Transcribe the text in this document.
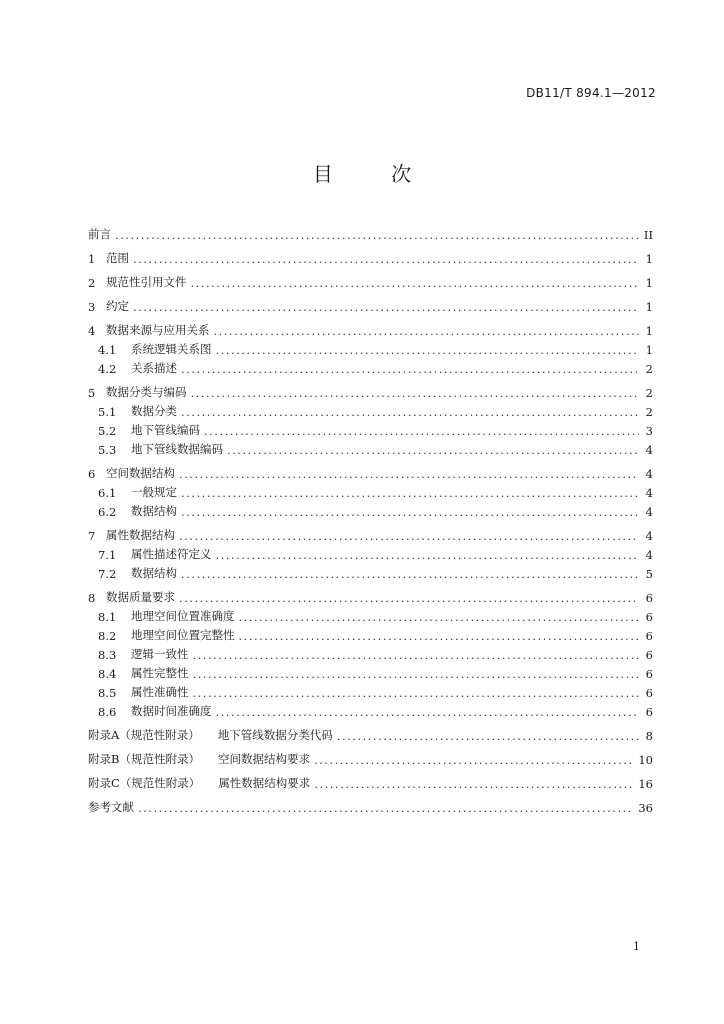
DB11/T 894.1—2012
目 次
前言 .....	II
1 范围 .....	1
2 规范性引用文件 .....	1
3 约定 .....	1
4 数据来源与应用关系 .....	1
4.1	系统逻辑关系图 .....	1
4.2	关系描述 .....	2
5 数据分类与编码 .....	2
5.1	数据分类 .....	2
5.2	地下管线编码 .....	3
5.3	地下管线数据编码 .....	4
6 空间数据结构 .....	4
6.1	一般规定 .....	4
6.2	数据结构 .....	4
7 属性数据结构 .....	4
7.1	属性描述符定义 .....	4
7.2	数据结构 .....	5
8 数据质量要求 .....	6
8.1	地理空间位置准确度 .....	6
8.2	地理空间位置完整性 .....	6
8.3	逻辑一致性 .....	6
8.4	属性完整性 .....	6
8.5	属性准确性 .....	6
8.6	数据时间准确度 .....	6
附录A（规范性附录） 地下管线数据分类代码 .....	8
附录B（规范性附录） 空间数据结构要求 .....	10
附录C（规范性附录） 属性数据结构要求 .....	16
参考文献 .....	36
1
